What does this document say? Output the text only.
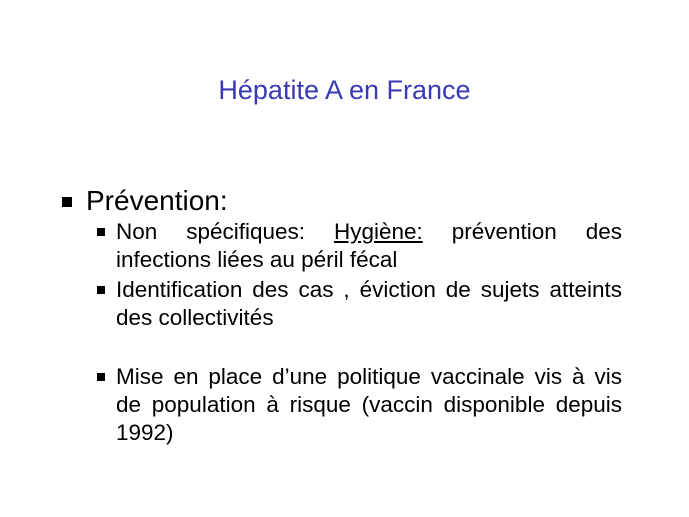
Hépatite A en France
Prévention:
Non spécifiques: Hygiène: prévention des infections liées au péril fécal
Identification des cas , éviction de sujets atteints des collectivités
Mise en place d’une politique vaccinale vis à vis de population à risque (vaccin disponible depuis 1992)
